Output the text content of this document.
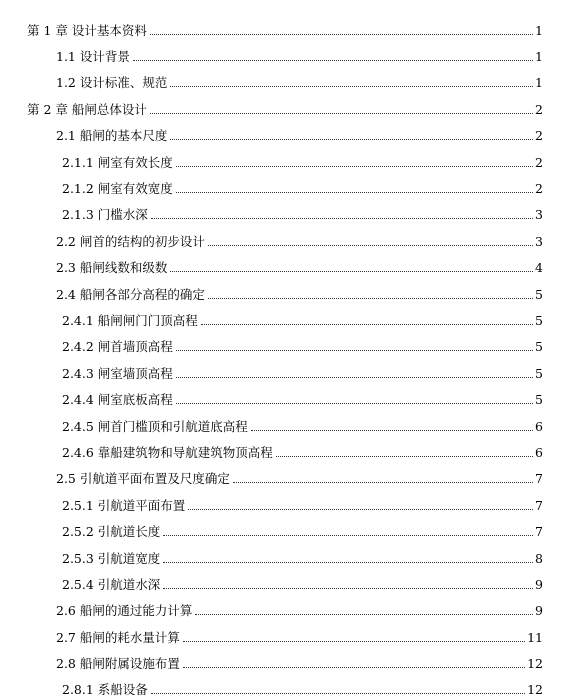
第 1 章 设计基本资料	1
1.1 设计背景	1
1.2 设计标准、规范	1
第 2 章 船闸总体设计	2
2.1 船闸的基本尺度	2
2.1.1 闸室有效长度	2
2.1.2 闸室有效宽度	2
2.1.3 门槛水深	3
2.2 闸首的结构的初步设计	3
2.3 船闸线数和级数	4
2.4 船闸各部分高程的确定	5
2.4.1 船闸闸门门顶高程	5
2.4.2 闸首墙顶高程	5
2.4.3 闸室墙顶高程	5
2.4.4 闸室底板高程	5
2.4.5 闸首门槛顶和引航道底高程	6
2.4.6 靠船建筑物和导航建筑物顶高程	6
2.5 引航道平面布置及尺度确定	7
2.5.1 引航道平面布置	7
2.5.2 引航道长度	7
2.5.3 引航道宽度	8
2.5.4 引航道水深	9
2.6 船闸的通过能力计算	9
2.7 船闸的耗水量计算	11
2.8 船闸附属设施布置	12
2.8.1 系船设备	12
